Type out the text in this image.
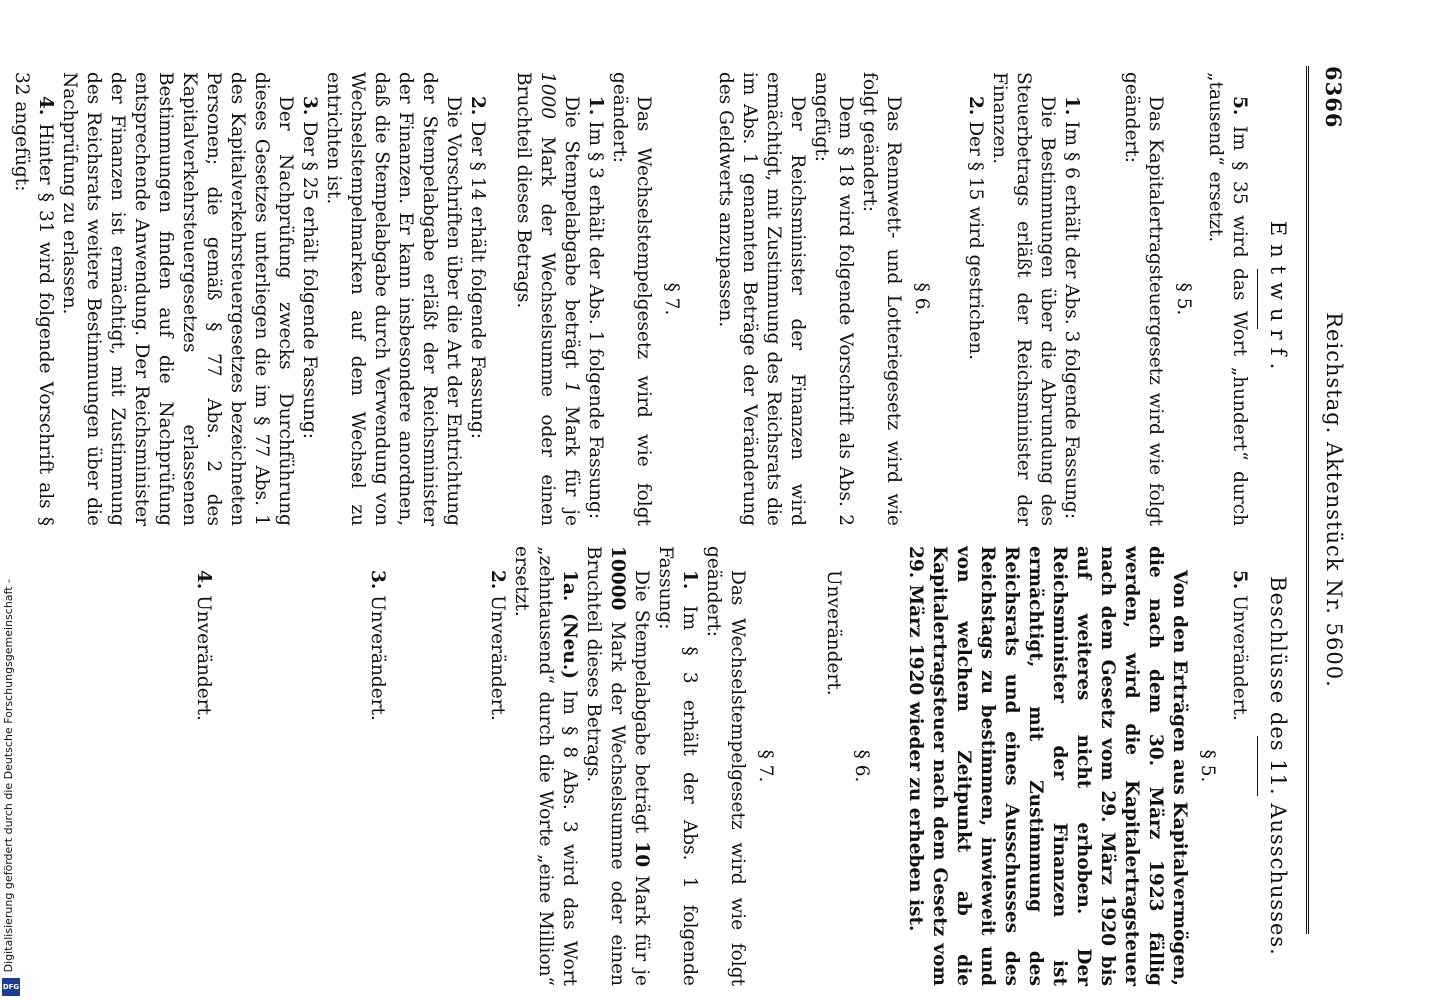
6366
Reichstag. Aktenstück Nr. 5600.
Entwurf.

5. Im § 35 wird das Wort „hundert“ durch „tausend“ ersetzt.

§ 5.

Das Kapitalertragsteuergesetz wird wie folgt geändert:

1. Im § 6 erhält der Abs. 3 folgende Fassung:

Die Bestimmungen über die Abrundung des Steuerbetrags erläßt der Reichsminister der Finanzen.

2. Der § 15 wird gestrichen.

§ 6.

Das Rennwett- und Lotteriegesetz wird wie folgt geändert:

Dem § 18 wird folgende Vorschrift als Abs. 2 angefügt:

Der Reichsminister der Finanzen wird ermächtigt, mit Zustimmung des Reichsrats die im Abs. 1 genannten Beträge der Veränderung des Geldwerts anzupassen.

§ 7.

Das Wechselstempelgesetz wird wie folgt geändert:

1. Im § 3 erhält der Abs. 1 folgende Fassung:

Die Stempelabgabe beträgt 1 Mark für je 1000 Mark der Wechselsumme oder einen Bruchteil dieses Betrags.

2. Der § 14 erhält folgende Fassung:

Die Vorschriften über die Art der Entrichtung der Stempelabgabe erläßt der Reichsminister der Finanzen. Er kann insbesondere anordnen, daß die Stempelabgabe durch Verwendung von Wechselstempelmarken auf dem Wechsel zu entrichten ist.

3. Der § 25 erhält folgende Fassung:

Der Nachprüfung zwecks Durchführung dieses Gesetzes unterliegen die im § 77 Abs. 1 des Kapitalverkehrsteuergesetzes bezeichneten Personen; die gemäß § 77 Abs. 2 des Kapitalverkehrsteuergesetzes erlassenen Bestimmungen finden auf die Nachprüfung entsprechende Anwendung. Der Reichsminister der Finanzen ist ermächtigt, mit Zustimmung des Reichsrats weitere Bestimmungen über die Nachprüfung zu erlassen.

4. Hinter § 31 wird folgende Vorschrift als § 32 angefügt:

Beschlüsse des 11. Ausschusses.

5. Unverändert.

§ 5.

Von den Erträgen aus Kapitalvermögen, die nach dem 30. März 1923 fällig werden, wird die Kapitalertragsteuer nach dem Gesetz vom 29. März 1920 bis auf weiteres nicht erhoben. Der Reichsminister der Finanzen ist ermächtigt, mit Zustimmung des Reichsrats und eines Ausschusses des Reichstags zu bestimmen, inwieweit und von welchem Zeitpunkt ab die Kapitalertragsteuer nach dem Gesetz vom 29. März 1920 wieder zu erheben ist.

§ 6.

Unverändert.

§ 7.

Das Wechselstempelgesetz wird wie folgt geändert:

1. Im § 3 erhält der Abs. 1 folgende Fassung:

Die Stempelabgabe beträgt 10 Mark für je 10000 Mark der Wechselsumme oder einen Bruchteil dieses Betrags.

1a. (Neu.) Im § 8 Abs. 3 wird das Wort „zehntausend“ durch die Worte „eine Million“ ersetzt.

2. Unverändert.

3. Unverändert.

4. Unverändert.

Digitalisierung gefördert durch die Deutsche Forschungsgemeinschaft -
DFG
